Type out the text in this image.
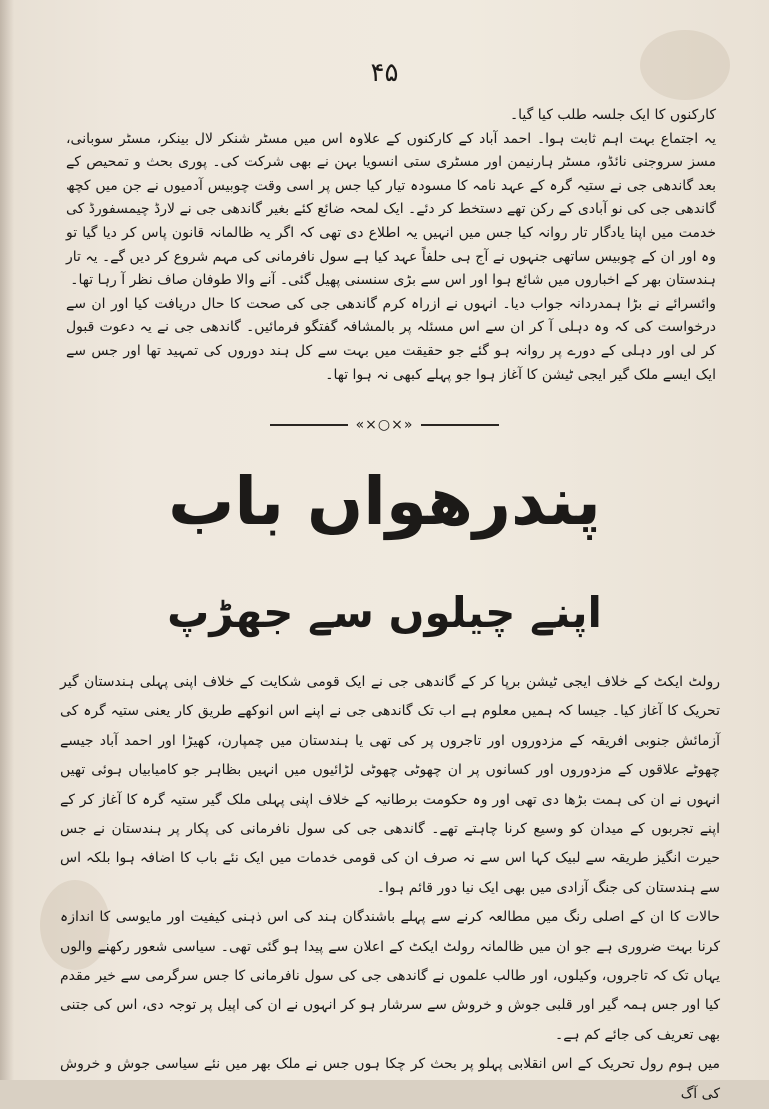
۴۵

کارکنوں کا ایک جلسہ طلب کیا گیا۔

یہ اجتماع بہت اہم ثابت ہوا۔ احمد آباد کے کارکنوں کے علاوہ اس میں مسٹر شنکر لال بینکر، مسٹر سوبانی، مسز سروجنی نائڈو، مسٹر ہارنیمن اور مسٹری ستی انسویا بہن نے بھی شرکت کی۔ پوری بحث و تمحیص کے بعد گاندھی جی نے ستیہ گرہ کے عہد نامہ کا مسودہ تیار کیا جس پر اسی وقت چوبیس آدمیوں نے جن میں کچھ گاندھی جی کی نو آبادی کے رکن تھے دستخط کر دئے۔ ایک لمحہ ضائع کئے بغیر گاندھی جی نے لارڈ چیمسفورڈ کی خدمت میں اپنا یادگار تار روانہ کیا جس میں انہیں یہ اطلاع دی تھی کہ اگر یہ ظالمانہ قانون پاس کر دیا گیا تو وہ اور ان کے چوبیس ساتھی جنہوں نے آج ہی حلفاً عہد کیا ہے سول نافرمانی کی مہم شروع کر دیں گے۔ یہ تار ہندستان بھر کے اخباروں میں شائع ہوا اور اس سے بڑی سنسنی پھیل گئی۔ آنے والا طوفان صاف نظر آ رہا تھا۔

وائسرائے نے بڑا ہمدردانہ جواب دیا۔ انہوں نے ازراہ کرم گاندھی جی کی صحت کا حال دریافت کیا اور ان سے درخواست کی کہ وہ دہلی آ کر ان سے اس مسئلہ پر بالمشافہ گفتگو فرمائیں۔ گاندھی جی نے یہ دعوت قبول کر لی اور دہلی کے دورے پر روانہ ہو گئے جو حقیقت میں بہت سے کل ہند دوروں کی تمہید تھا اور جس سے ایک ایسے ملک گیر ایجی ٹیشن کا آغاز ہوا جو پہلے کبھی نہ ہوا تھا۔

«×○×»
پندرھواں باب
اپنے چیلوں سے جھڑپ

رولٹ ایکٹ کے خلاف ایجی ٹیشن برپا کر کے گاندھی جی نے ایک قومی شکایت کے خلاف اپنی پہلی ہندستان گیر تحریک کا آغاز کیا۔ جیسا کہ ہمیں معلوم ہے اب تک گاندھی جی نے اپنے اس انوکھے طریق کار یعنی ستیہ گرہ کی آزمائش جنوبی افریقہ کے مزدوروں اور تاجروں پر کی تھی یا ہندستان میں چمپارن، کھیڑا اور احمد آباد جیسے چھوٹے علاقوں کے مزدوروں اور کسانوں پر ان چھوٹی چھوٹی لڑائیوں میں انہیں بظاہر جو کامیابیاں ہوئی تھیں انہوں نے ان کی ہمت بڑھا دی تھی اور وہ حکومت برطانیہ کے خلاف اپنی پہلی ملک گیر ستیہ گرہ کا آغاز کر کے اپنے تجربوں کے میدان کو وسیع کرنا چاہتے تھے۔ گاندھی جی کی سول نافرمانی کی پکار پر ہندستان نے جس حیرت انگیز طریقہ سے لبیک کہا اس سے نہ صرف ان کی قومی خدمات میں ایک نئے باب کا اضافہ ہوا بلکہ اس سے ہندستان کی جنگ آزادی میں بھی ایک نیا دور قائم ہوا۔

حالات کا ان کے اصلی رنگ میں مطالعہ کرنے سے پہلے باشندگان ہند کی اس ذہنی کیفیت اور مایوسی کا اندازہ کرنا بہت ضروری ہے جو ان میں ظالمانہ رولٹ ایکٹ کے اعلان سے پیدا ہو گئی تھی۔ سیاسی شعور رکھنے والوں یہاں تک کہ تاجروں، وکیلوں، اور طالب علموں نے گاندھی جی کی سول نافرمانی کا جس سرگرمی سے خیر مقدم کیا اور جس ہمہ گیر اور قلبی جوش و خروش سے سرشار ہو کر انہوں نے ان کی اپیل پر توجہ دی، اس کی جتنی بھی تعریف کی جائے کم ہے۔

میں ہوم رول تحریک کے اس انقلابی پہلو پر بحث کر چکا ہوں جس نے ملک بھر میں نئے سیاسی جوش و خروش کی آگ
